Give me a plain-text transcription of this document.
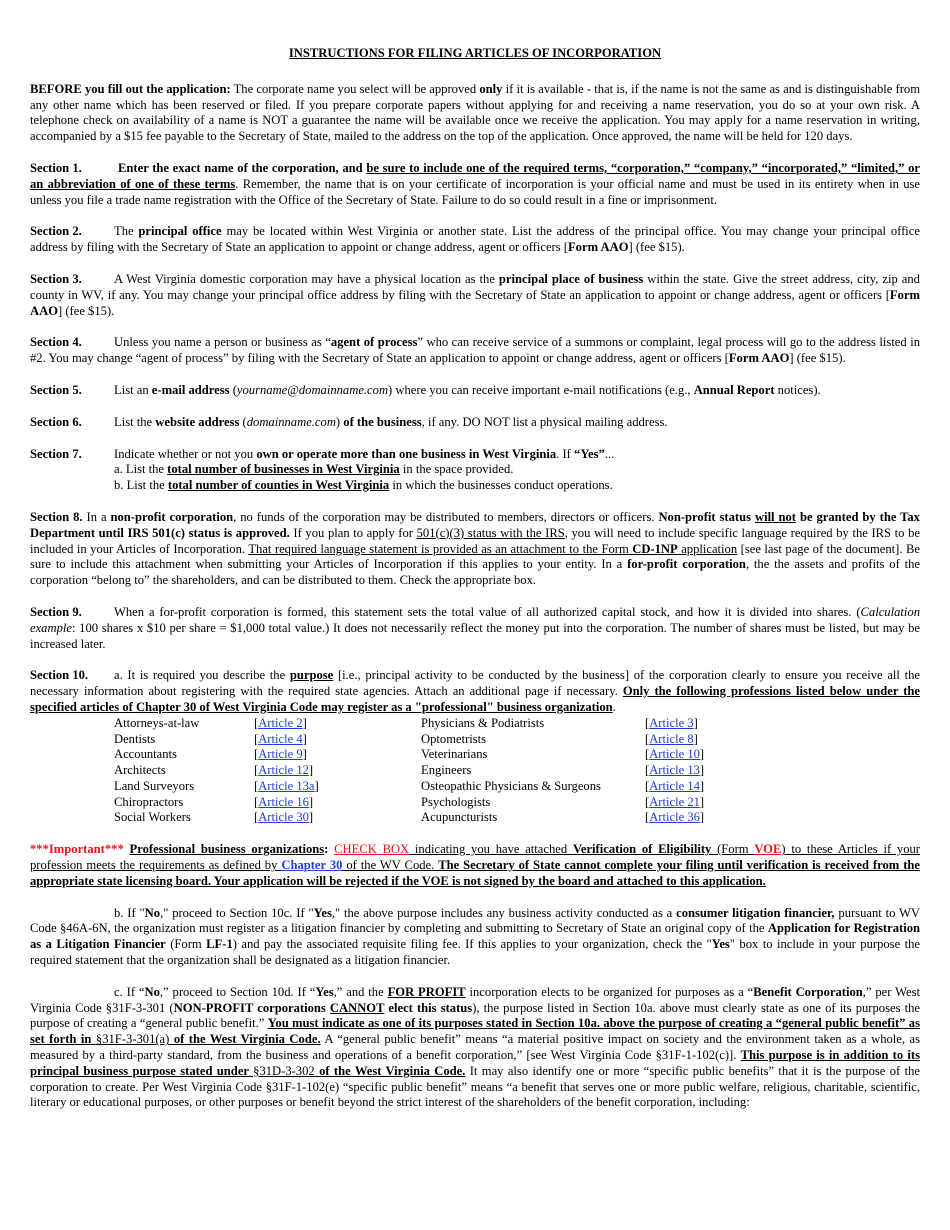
INSTRUCTIONS FOR FILING ARTICLES OF INCORPORATION

BEFORE you fill out the application: The corporate name you select will be approved only if it is available - that is, if the name is not the same as and is distinguishable from any other name which has been reserved or filed. If you prepare corporate papers without applying for and receiving a name reservation, you do so at your own risk. A telephone check on availability of a name is NOT a guarantee the name will be available once we receive the application. You may apply for a name reservation in writing, accompanied by a $15 fee payable to the Secretary of State, mailed to the address on the top of the application. Once approved, the name will be held for 120 days.

Section 1.	Enter the exact name of the corporation, and be sure to include one of the required terms, “corporation,” “company,” “incorporated,” “limited,” or an abbreviation of one of these terms. Remember, the name that is on your certificate of incorporation is your official name and must be used in its entirety when in use unless you file a trade name registration with the Office of the Secretary of State. Failure to do so could result in a fine or imprisonment.

Section 2.	The principal office may be located within West Virginia or another state. List the address of the principal office. You may change your principal office address by filing with the Secretary of State an application to appoint or change address, agent or officers [Form AAO] (fee $15).

Section 3.	A West Virginia domestic corporation may have a physical location as the principal place of business within the state. Give the street address, city, zip and county in WV, if any. You may change your principal office address by filing with the Secretary of State an application to appoint or change address, agent or officers [Form AAO] (fee $15).

Section 4.	Unless you name a person or business as “agent of process” who can receive service of a summons or complaint, legal process will go to the address listed in #2. You may change “agent of process” by filing with the Secretary of State an application to appoint or change address, agent or officers [Form AAO] (fee $15).

Section 5.	List an e-mail address (yourname@domainname.com) where you can receive important e-mail notifications (e.g., Annual Report notices).

Section 6.	List the website address (domainname.com) of the business, if any. DO NOT list a physical mailing address.

Section 7.	Indicate whether or not you own or operate more than one business in West Virginia. If “Yes”...

a. List the total number of businesses in West Virginia in the space provided.

b. List the total number of counties in West Virginia in which the businesses conduct operations.

Section 8. In a non-profit corporation, no funds of the corporation may be distributed to members, directors or officers. Non-profit status will not be granted by the Tax Department until IRS 501(c) status is approved. If you plan to apply for 501(c)(3) status with the IRS, you will need to include specific language required by the IRS to be included in your Articles of Incorporation. That required language statement is provided as an attachment to the Form CD-1NP application [see last page of the document]. Be sure to include this attachment when submitting your Articles of Incorporation if this applies to your entity. In a for-profit corporation, the the assets and profits of the corporation “belong to” the shareholders, and can be distributed to them. Check the appropriate box.

Section 9.	When a for-profit corporation is formed, this statement sets the total value of all authorized capital stock, and how it is divided into shares. (Calculation example: 100 shares x $10 per share = $1,000 total value.) It does not necessarily reflect the money put into the corporation. The number of shares must be listed, but may be increased later.

Section 10. a. It is required you describe the purpose [i.e., principal activity to be conducted by the business] of the corporation clearly to ensure you receive all the necessary information about registering with the required state agencies. Attach an additional page if necessary. Only the following professions listed below under the specified articles of Chapter 30 of West Virginia Code may register as a "professional" business organization.

Attorneys-at-law	[Article 2]	Physicians & Podiatrists	[Article 3]
Dentists	[Article 4]	Optometrists	[Article 8]
Accountants	[Article 9]	Veterinarians	[Article 10]
Architects	[Article 12]	Engineers	[Article 13]
Land Surveyors	[Article 13a]	Osteopathic Physicians & Surgeons	[Article 14]
Chiropractors	[Article 16]	Psychologists	[Article 21]
Social Workers	[Article 30]	Acupuncturists	[Article 36]

***Important*** Professional business organizations: CHECK BOX indicating you have attached Verification of Eligibility (Form VOE) to these Articles if your profession meets the requirements as defined by Chapter 30 of the WV Code. The Secretary of State cannot complete your filing until verification is received from the appropriate state licensing board. Your application will be rejected if the VOE is not signed by the board and attached to this application.

b. If "No," proceed to Section 10c. If "Yes," the above purpose includes any business activity conducted as a consumer litigation financier, pursuant to WV Code §46A-6N, the organization must register as a litigation financier by completing and submitting to Secretary of State an original copy of the Application for Registration as a Litigation Financier (Form LF-1) and pay the associated requisite filing fee. If this applies to your organization, check the "Yes" box to include in your purpose the required statement that the organization shall be designated as a litigation financier.

c. If “No,” proceed to Section 10d. If “Yes,” and the FOR PROFIT incorporation elects to be organized for purposes as a “Benefit Corporation,” per West Virginia Code §31F-3-301 (NON-PROFIT corporations CANNOT elect this status), the purpose listed in Section 10a. above must clearly state as one of its purposes the purpose of creating a “general public benefit.” You must indicate as one of its purposes stated in Section 10a. above the purpose of creating a “general public benefit” as set forth in §31F-3-301(a) of the West Virginia Code. A “general public benefit” means “a material positive impact on society and the environment taken as a whole, as measured by a third-party standard, from the business and operations of a benefit corporation,” [see West Virginia Code §31F-1-102(c)]. This purpose is in addition to its principal business purpose stated under §31D-3-302 of the West Virginia Code. It may also identify one or more “specific public benefits” that it is the purpose of the corporation to create. Per West Virginia Code §31F-1-102(e) “specific public benefit” means “a benefit that serves one or more public welfare, religious, charitable, scientific, literary or educational purposes, or other purposes or benefit beyond the strict interest of the shareholders of the benefit corporation, including:
